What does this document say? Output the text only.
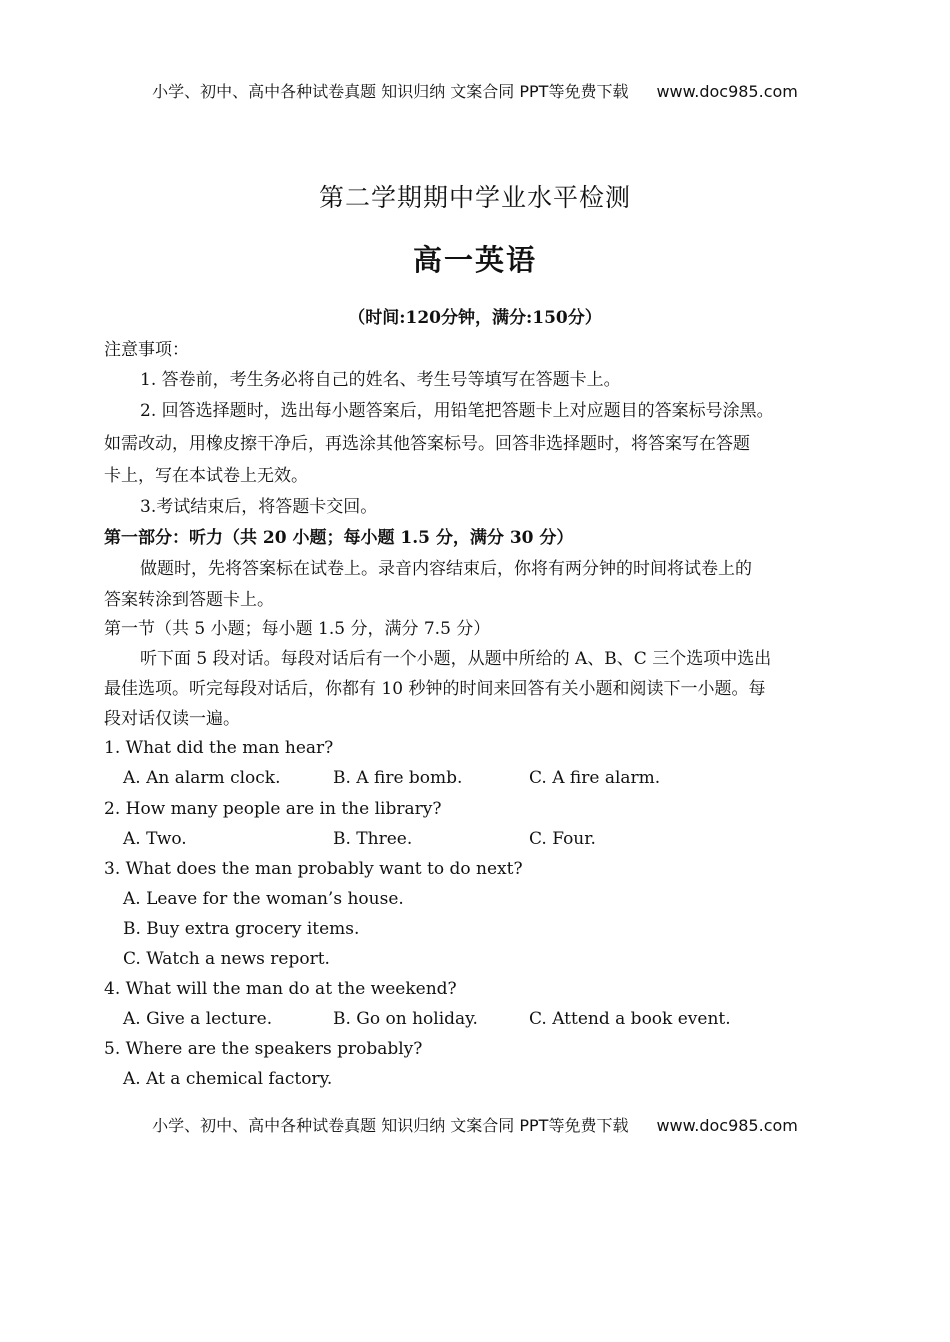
小学、初中、高中各种试卷真题 知识归纳 文案合同 PPT等免费下载 www.doc985.com
第二学期期中学业水平检测
高一英语
（时间:120分钟，满分:150分）
注意事项：
1. 答卷前，考生务必将自己的姓名、考生号等填写在答题卡上。
2. 回答选择题时，选出每小题答案后，用铅笔把答题卡上对应题目的答案标号涂黑。
如需改动，用橡皮擦干净后，再选涂其他答案标号。回答非选择题时，将答案写在答题
卡上，写在本试卷上无效。
3.考试结束后，将答题卡交回。
第一部分：听力（共 20 小题；每小题 1.5 分，满分 30 分）
做题时，先将答案标在试卷上。录音内容结束后，你将有两分钟的时间将试卷上的
答案转涂到答题卡上。
第一节（共 5 小题；每小题 1.5 分，满分 7.5 分）
听下面 5 段对话。每段对话后有一个小题，从题中所给的 A、B、C 三个选项中选出
最佳选项。听完每段对话后，你都有 10 秒钟的时间来回答有关小题和阅读下一小题。每
段对话仅读一遍。
1. What did the man hear?
A. An alarm clock.	B. A fire bomb.	C. A fire alarm.
2. How many people are in the library?
A. Two.	B. Three.	C. Four.
3. What does the man probably want to do next?
A. Leave for the woman’s house.
B. Buy extra grocery items.
C. Watch a news report.
4. What will the man do at the weekend?
A. Give a lecture.	B. Go on holiday.	C. Attend a book event.
5. Where are the speakers probably?
A. At a chemical factory.
小学、初中、高中各种试卷真题 知识归纳 文案合同 PPT等免费下载 www.doc985.com
